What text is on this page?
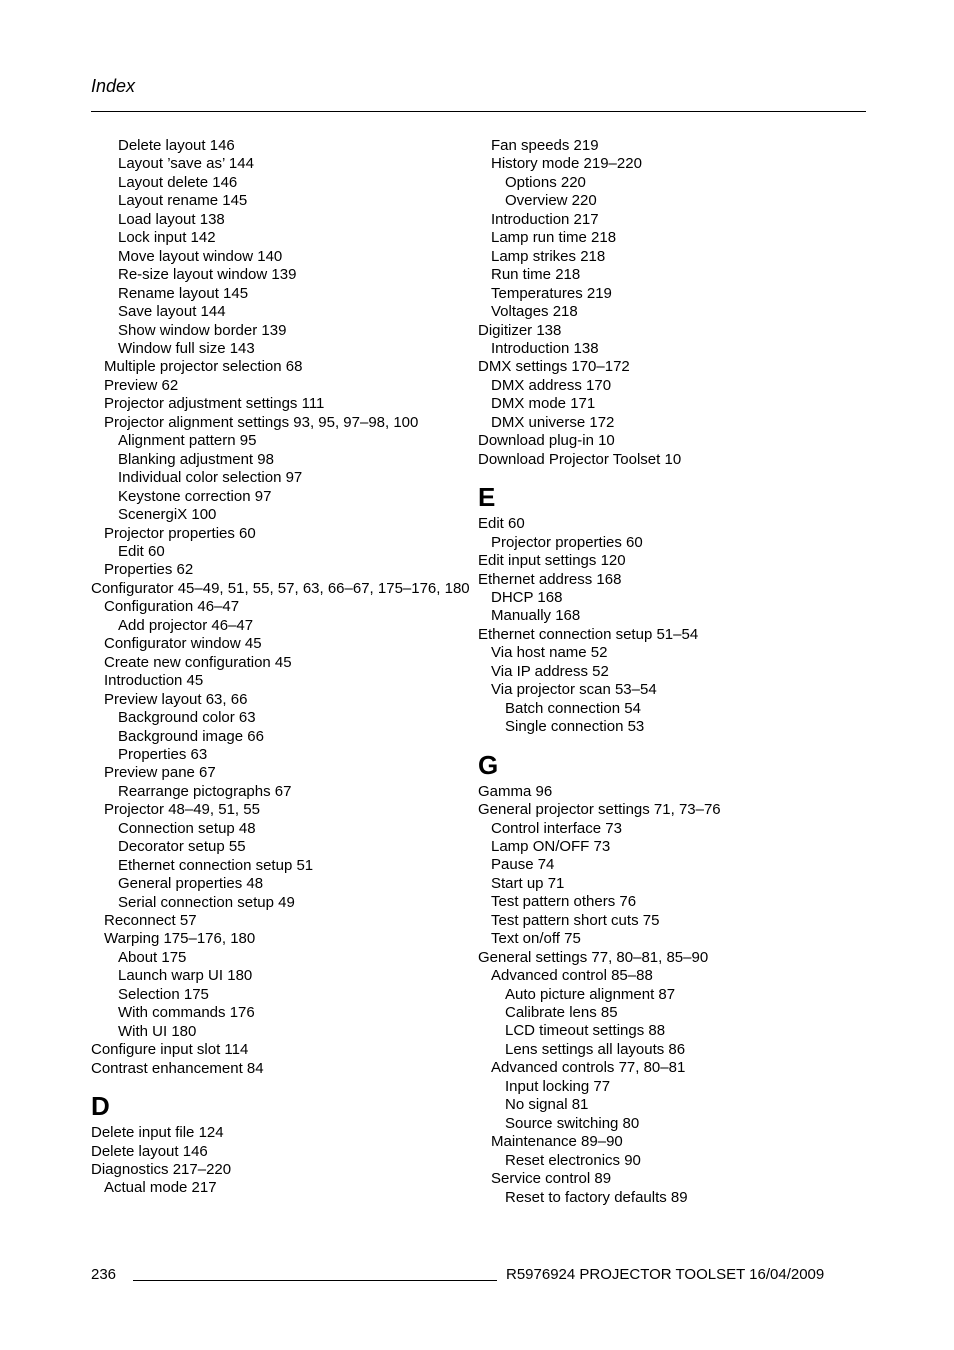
Index
Delete layout 146
Layout ’save as’ 144
Layout delete 146
Layout rename 145
Load layout 138
Lock input 142
Move layout window 140
Re-size layout window 139
Rename layout 145
Save layout 144
Show window border 139
Window full size 143
Multiple projector selection 68
Preview 62
Projector adjustment settings 111
Projector alignment settings 93, 95, 97–98, 100
Alignment pattern 95
Blanking adjustment 98
Individual color selection 97
Keystone correction 97
ScenergiX 100
Projector properties 60
Edit 60
Properties 62
Configurator 45–49, 51, 55, 57, 63, 66–67, 175–176, 180
Configuration 46–47
Add projector 46–47
Configurator window 45
Create new configuration 45
Introduction 45
Preview layout 63, 66
Background color 63
Background image 66
Properties 63
Preview pane 67
Rearrange pictographs 67
Projector 48–49, 51, 55
Connection setup 48
Decorator setup 55
Ethernet connection setup 51
General properties 48
Serial connection setup 49
Reconnect 57
Warping 175–176, 180
About 175
Launch warp UI 180
Selection 175
With commands 176
With UI 180
Configure input slot 114
Contrast enhancement 84
D
Delete input file 124
Delete layout 146
Diagnostics 217–220
Actual mode 217
Fan speeds 219
History mode 219–220
Options 220
Overview 220
Introduction 217
Lamp run time 218
Lamp strikes 218
Run time 218
Temperatures 219
Voltages 218
Digitizer 138
Introduction 138
DMX settings 170–172
DMX address 170
DMX mode 171
DMX universe 172
Download plug-in 10
Download Projector Toolset 10
E
Edit 60
Projector properties 60
Edit input settings 120
Ethernet address 168
DHCP 168
Manually 168
Ethernet connection setup 51–54
Via host name 52
Via IP address 52
Via projector scan 53–54
Batch connection 54
Single connection 53
G
Gamma 96
General projector settings 71, 73–76
Control interface 73
Lamp ON/OFF 73
Pause 74
Start up 71
Test pattern others 76
Test pattern short cuts 75
Text on/off 75
General settings 77, 80–81, 85–90
Advanced control 85–88
Auto picture alignment 87
Calibrate lens 85
LCD timeout settings 88
Lens settings all layouts 86
Advanced controls 77, 80–81
Input locking 77
No signal 81
Source switching 80
Maintenance 89–90
Reset electronics 90
Service control 89
Reset to factory defaults 89
236	R5976924 PROJECTOR TOOLSET 16/04/2009
